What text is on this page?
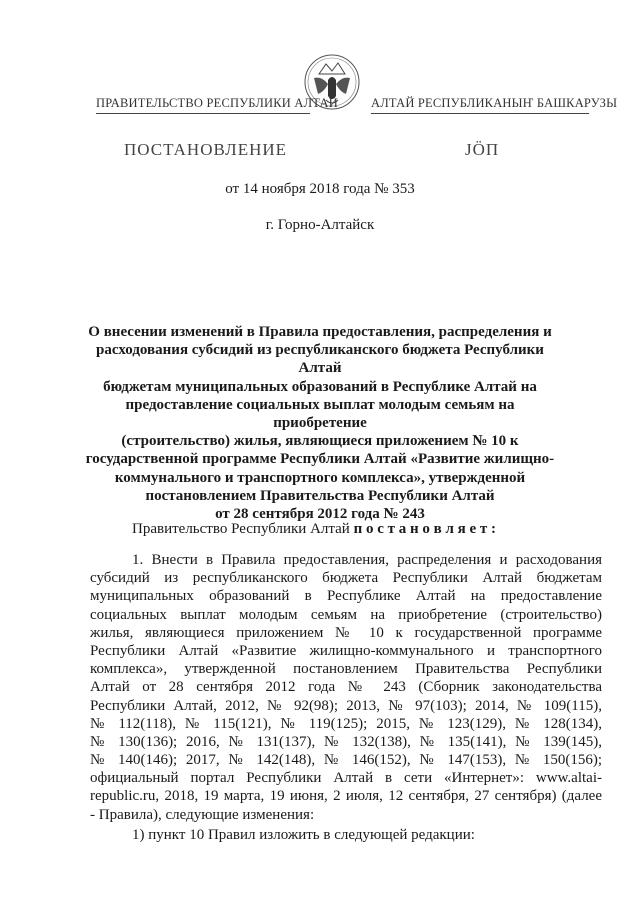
ПРАВИТЕЛЬСТВО РЕСПУБЛИКИ АЛТАЙ	АЛТАЙ РЕСПУБЛИКАНЫҤ БАШКАРУЗЫ
ПОСТАНОВЛЕНИЕ	ЈӦП
от 14 ноября 2018 года № 353
г. Горно-Алтайск
О внесении изменений в Правила предоставления, распределения и
расходования субсидий из республиканского бюджета Республики Алтай
бюджетам муниципальных образований в Республике Алтай на
предоставление социальных выплат молодым семьям на приобретение
(строительство) жилья, являющиеся приложением № 10 к
государственной программе Республики Алтай «Развитие жилищно-
коммунального и транспортного комплекса», утвержденной
постановлением Правительства Республики Алтай
от 28 сентября 2012 года № 243
Правительство Республики Алтай п о с т а н о в л я е т :
1. Внести в Правила предоставления, распределения и расходования
субсидий из республиканского бюджета Республики Алтай бюджетам
муниципальных образований в Республике Алтай на предоставление
социальных выплат молодым семьям на приобретение (строительство)
жилья, являющиеся приложением № 10 к государственной программе
Республики Алтай «Развитие жилищно-коммунального и транспортного
комплекса», утвержденной постановлением Правительства Республики
Алтай от 28 сентября 2012 года № 243 (Сборник законодательства
Республики Алтай, 2012, № 92(98); 2013, № 97(103); 2014, № 109(115),
№ 112(118), № 115(121), № 119(125); 2015, № 123(129), № 128(134),
№ 130(136); 2016, № 131(137), № 132(138), № 135(141), № 139(145),
№ 140(146); 2017, № 142(148), № 146(152), № 147(153), № 150(156);
официальный портал Республики Алтай в сети «Интернет»: www.altai-
republic.ru, 2018, 19 марта, 19 июня, 2 июля, 12 сентября, 27 сентября) (далее
- Правила), следующие изменения:
1) пункт 10 Правил изложить в следующей редакции:
